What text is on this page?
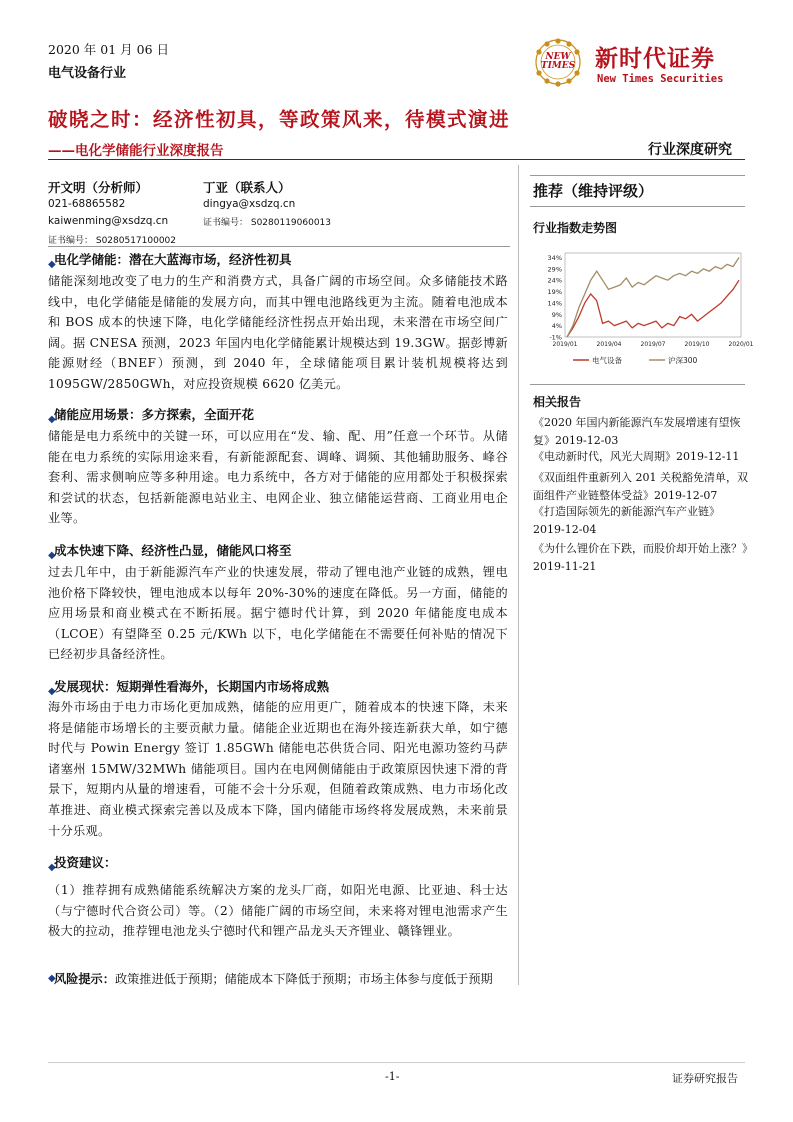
2020 年 01 月 06 日
电气设备行业
NEW
TIMES 新时代证券
New Times Securities
破晓之时：经济性初具，等政策风来，待模式演进
——电化学储能行业深度报告	行业深度研究
开文明（分析师）
021-68865582
kaiwenming@xsdzq.cn
证书编号： S0280517100002
丁亚（联系人）
dingya@xsdzq.cn
证书编号： S0280119060013
◆
电化学储能：潜在大蓝海市场，经济性初具
储能深刻地改变了电力的生产和消费方式，具备广阔的市场空间。众多储能技术路线中，电化学储能是储能的发展方向，而其中锂电池路线更为主流。随着电池成本和 BOS 成本的快速下降，电化学储能经济性拐点开始出现，未来潜在市场空间广阔。据 CNESA 预测，2023 年国内电化学储能累计规模达到 19.3GW。据彭博新能源财经（BNEF）预测，到 2040 年，全球储能项目累计装机规模将达到 1095GW/2850GWh，对应投资规模 6620 亿美元。
◆
储能应用场景：多方探索，全面开花
储能是电力系统中的关键一环，可以应用在“发、输、配、用”任意一个环节。从储能在电力系统的实际用途来看，有新能源配套、调峰、调频、其他辅助服务、峰谷套利、需求侧响应等多种用途。电力系统中，各方对于储能的应用都处于积极探索和尝试的状态，包括新能源电站业主、电网企业、独立储能运营商、工商业用电企业等。
◆
成本快速下降、经济性凸显，储能风口将至
过去几年中，由于新能源汽车产业的快速发展，带动了锂电池产业链的成熟，锂电池价格下降较快，锂电池成本以每年 20%-30%的速度在降低。另一方面，储能的应用场景和商业模式在不断拓展。据宁德时代计算，到 2020 年储能度电成本（LCOE）有望降至 0.25 元/KWh 以下，电化学储能在不需要任何补贴的情况下已经初步具备经济性。
◆
发展现状：短期弹性看海外，长期国内市场将成熟
海外市场由于电力市场化更加成熟，储能的应用更广，随着成本的快速下降，未来将是储能市场增长的主要贡献力量。储能企业近期也在海外接连新获大单，如宁德时代与 Powin Energy 签订 1.85GWh 储能电芯供货合同、阳光电源功签约马萨诸塞州 15MW/32MWh 储能项目。国内在电网侧储能由于政策原因快速下滑的背景下，短期内从量的增速看，可能不会十分乐观，但随着政策成熟、电力市场化改革推进、商业模式探索完善以及成本下降，国内储能市场终将发展成熟，未来前景十分乐观。
◆
投资建议：
（1）推荐拥有成熟储能系统解决方案的龙头厂商，如阳光电源、比亚迪、科士达（与宁德时代合资公司）等。（2）储能广阔的市场空间，未来将对锂电池需求产生极大的拉动，推荐锂电池龙头宁德时代和锂产品龙头天齐锂业、赣锋锂业。
◆
风险提示：政策推进低于预期；储能成本下降低于预期；市场主体参与度低于预期
推荐（维持评级）
行业指数走势图
34%
29%
24%
19%
14%
9%
4%
-1%
2019/01	2019/04	2019/07	2019/10	2020/01
电气设备	沪深300
相关报告
《2020 年国内新能源汽车发展增速有望恢复》2019-12-03
《电动新时代，风光大周期》2019-12-11
《双面组件重新列入 201 关税豁免清单，双面组件产业链整体受益》2019-12-07
《打造国际领先的新能源汽车产业链》2019-12-04
《为什么锂价在下跌，而股价却开始上涨？》2019-11-21
-1-	证券研究报告
